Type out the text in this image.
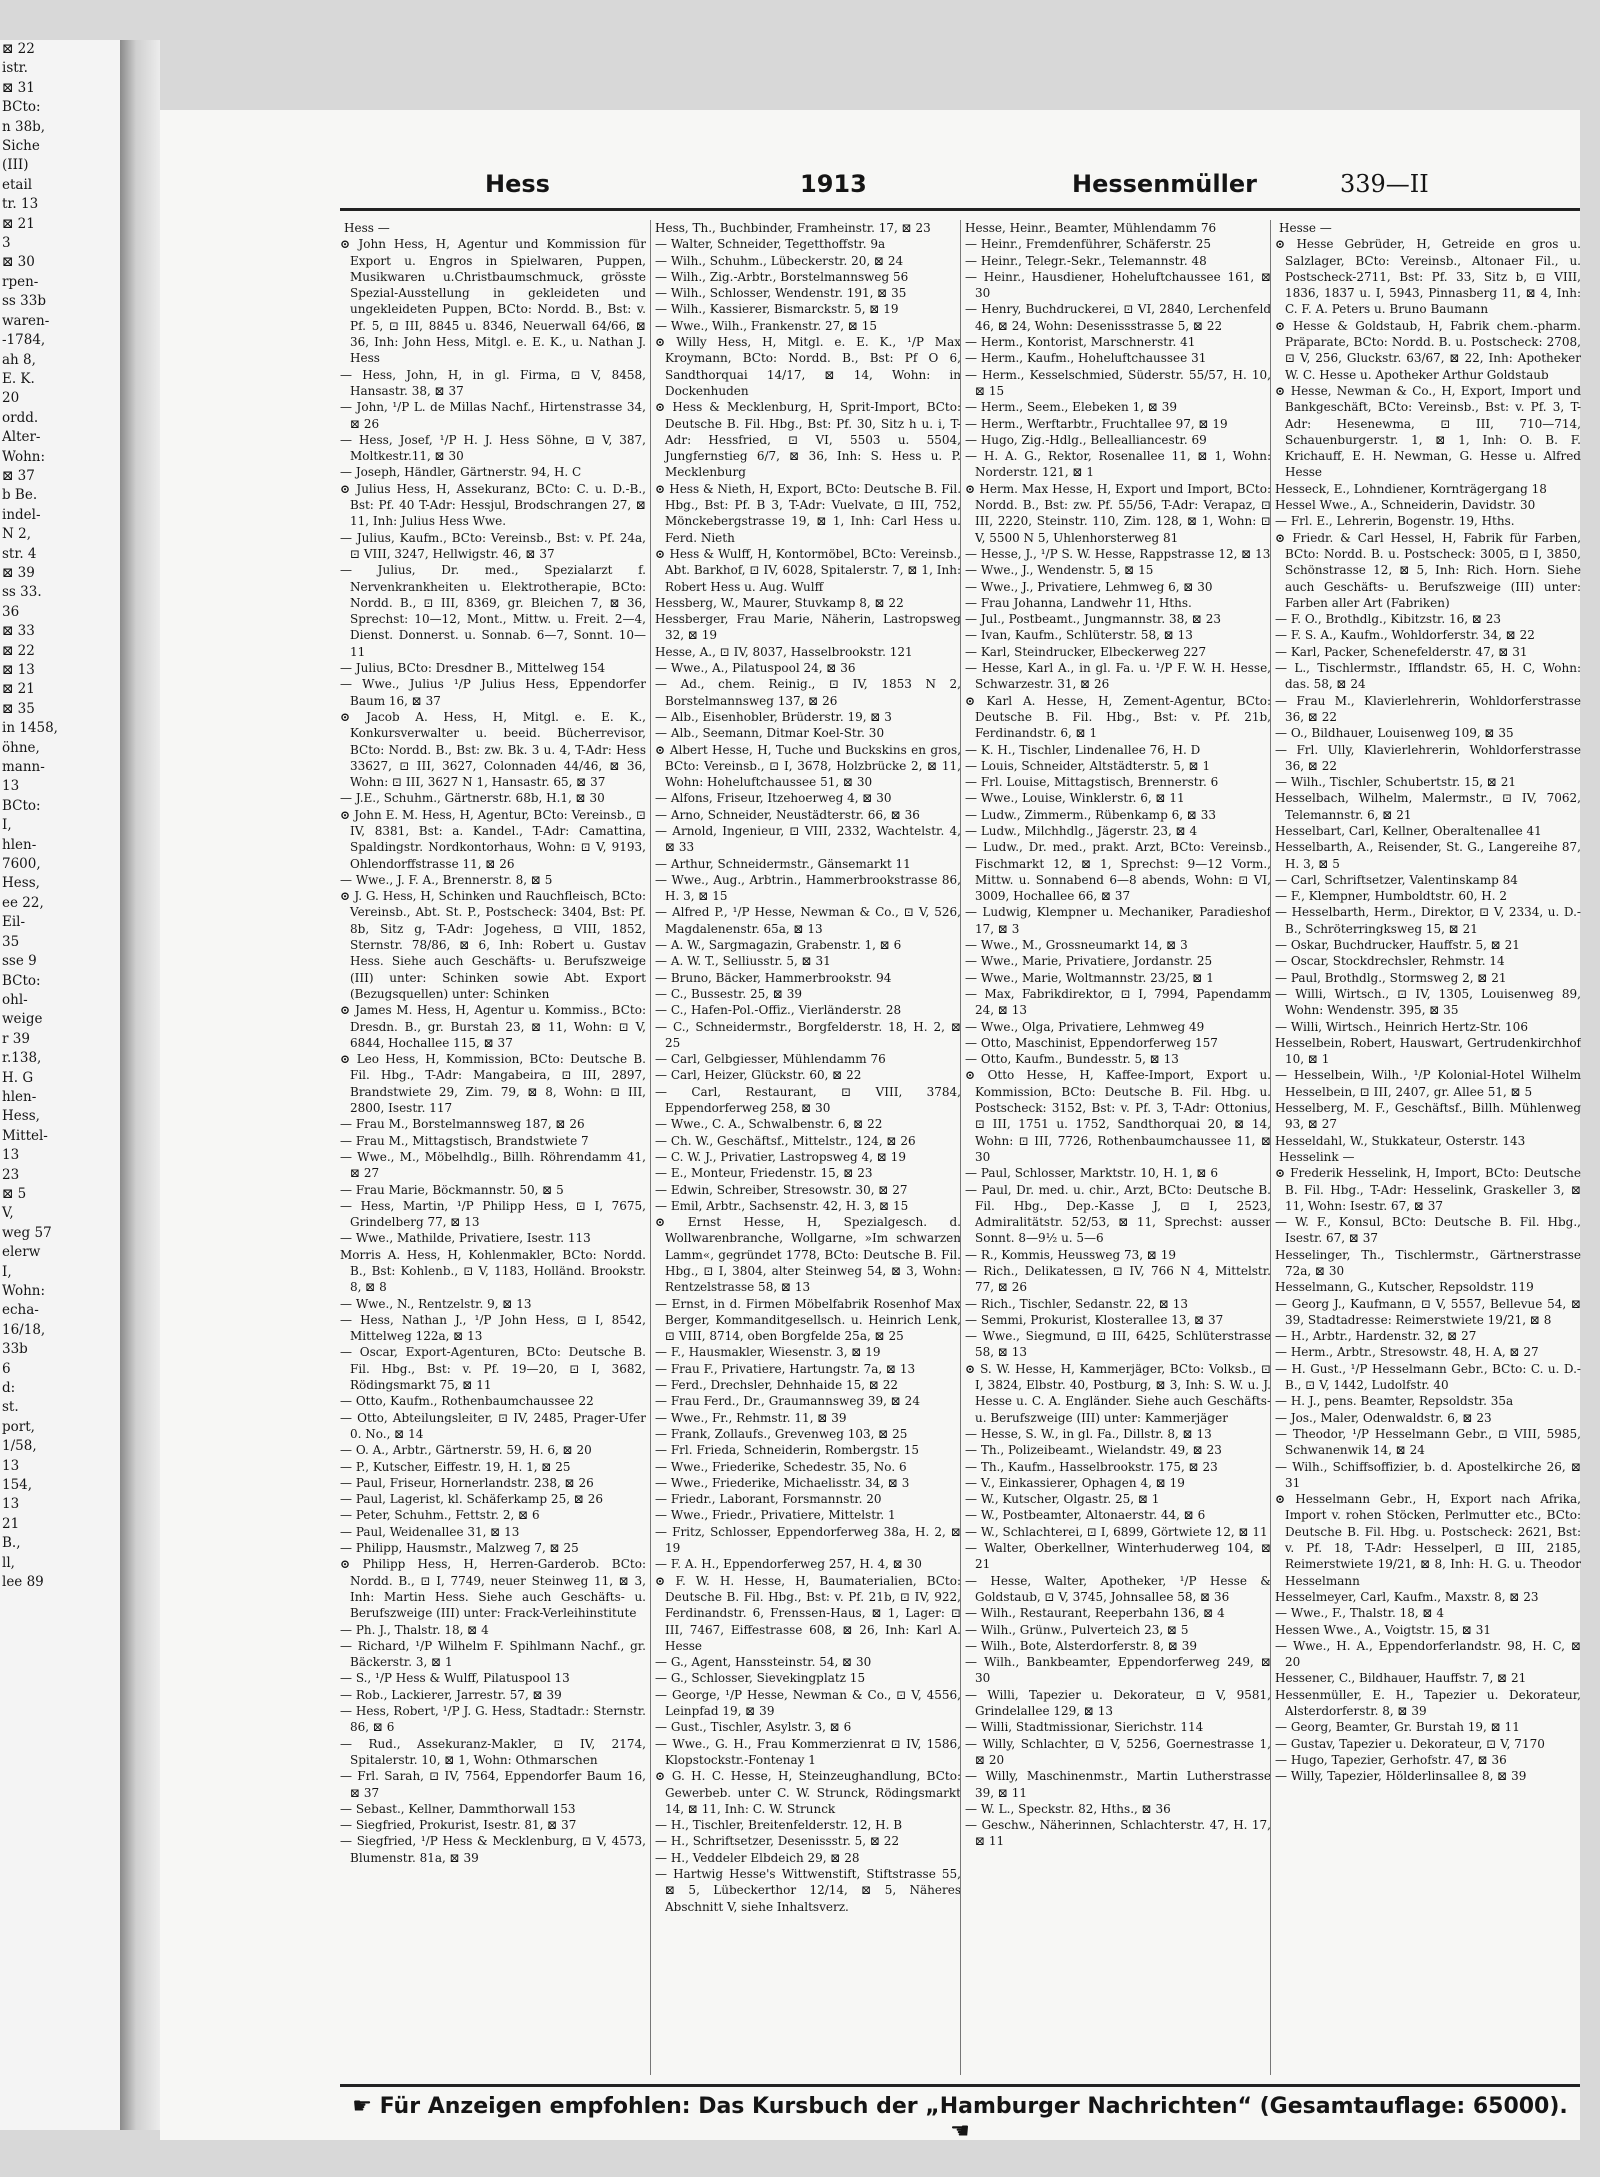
⊠ 22
istr.
⊠ 31
BCto:
n 38b,
Siche
(III)
etail
tr. 13
⊠ 21
3
⊠ 30
rpen-
ss 33b
waren-
-1784,
ah 8,
E. K.
20
ordd.
Alter-
Wohn:
⊠ 37
b Be.
indel-
N 2,
str. 4
⊠ 39
ss 33.
36
⊠ 33
⊠ 22
⊠ 13
⊠ 21
⊠ 35
in 1458,
öhne,
mann-
13
BCto:
I,
hlen-
7600,
Hess,
ee 22,
Eil-
35
sse 9
BCto:
ohl-
weige
r 39
r.138,
H. G
hlen-
Hess,
Mittel-
13
23
⊠ 5
V,
weg 57
elerw
I,
Wohn:
echa-
16/18,
33b
6
d:
st.
port,
1/58,
13
154,
13
21
B.,
ll,
lee 89
Hess	1913	Hessenmüller	339—II

Hess —

⊙ John Hess, H, Agentur und Kommission für Export u. Engros in Spielwaren, Puppen, Musikwaren u.Christbaumschmuck, grösste Spezial-Ausstellung in gekleideten und ungekleideten Puppen, BCto: Nordd. B., Bst: v. Pf. 5, ⊡ III, 8845 u. 8346, Neuerwall 64/66, ⊠ 36, Inh: John Hess, Mitgl. e. E. K., u. Nathan J. Hess

— Hess, John, H, in gl. Firma, ⊡ V, 8458, Hansastr. 38, ⊠ 37

— John, ¹/P L. de Millas Nachf., Hirtenstrasse 34, ⊠ 26

— Hess, Josef, ¹/P H. J. Hess Söhne, ⊡ V, 387, Moltkestr.11, ⊠ 30

— Joseph, Händler, Gärtnerstr. 94, H. C

⊙ Julius Hess, H, Assekuranz, BCto: C. u. D.-B., Bst: Pf. 40 T-Adr: Hessjul, Brodschrangen 27, ⊠ 11, Inh: Julius Hess Wwe.

— Julius, Kaufm., BCto: Vereinsb., Bst: v. Pf. 24a, ⊡ VIII, 3247, Hellwigstr. 46, ⊠ 37

— Julius, Dr. med., Spezialarzt f. Nervenkrankheiten u. Elektrotherapie, BCto: Nordd. B., ⊡ III, 8369, gr. Bleichen 7, ⊠ 36, Sprechst: 10—12, Mont., Mittw. u. Freit. 2—4, Dienst. Donnerst. u. Sonnab. 6—7, Sonnt. 10—11

— Julius, BCto: Dresdner B., Mittelweg 154

— Wwe., Julius ¹/P Julius Hess, Eppendorfer Baum 16, ⊠ 37

⊙ Jacob A. Hess, H, Mitgl. e. E. K., Konkursverwalter u. beeid. Bücherrevisor, BCto: Nordd. B., Bst: zw. Bk. 3 u. 4, T-Adr: Hess 33627, ⊡ III, 3627, Colonnaden 44/46, ⊠ 36, Wohn: ⊡ III, 3627 N 1, Hansastr. 65, ⊠ 37

— J.E., Schuhm., Gärtnerstr. 68b, H.1, ⊠ 30

⊙ John E. M. Hess, H, Agentur, BCto: Vereinsb., ⊡ IV, 8381, Bst: a. Kandel., T-Adr: Camattina, Spaldingstr. Nordkontorhaus, Wohn: ⊡ V, 9193, Ohlendorffstrasse 11, ⊠ 26

— Wwe., J. F. A., Brennerstr. 8, ⊠ 5

⊙ J. G. Hess, H, Schinken und Rauchfleisch, BCto: Vereinsb., Abt. St. P., Postscheck: 3404, Bst: Pf. 8b, Sitz g, T-Adr: Jogehess, ⊡ VIII, 1852, Sternstr. 78/86, ⊠ 6, Inh: Robert u. Gustav Hess. Siehe auch Geschäfts- u. Berufszweige (III) unter: Schinken sowie Abt. Export (Bezugsquellen) unter: Schinken

⊙ James M. Hess, H, Agentur u. Kommiss., BCto: Dresdn. B., gr. Burstah 23, ⊠ 11, Wohn: ⊡ V, 6844, Hochallee 115, ⊠ 37

⊙ Leo Hess, H, Kommission, BCto: Deutsche B. Fil. Hbg., T-Adr: Mangabeira, ⊡ III, 2897, Brandstwiete 29, Zim. 79, ⊠ 8, Wohn: ⊡ III, 2800, Isestr. 117

— Frau M., Borstelmannsweg 187, ⊠ 26

— Frau M., Mittagstisch, Brandstwiete 7

— Wwe., M., Möbelhdlg., Billh. Röhrendamm 41, ⊠ 27

— Frau Marie, Böckmannstr. 50, ⊠ 5

— Hess, Martin, ¹/P Philipp Hess, ⊡ I, 7675, Grindelberg 77, ⊠ 13

— Wwe., Mathilde, Privatiere, Isestr. 113

Morris A. Hess, H, Kohlenmakler, BCto: Nordd. B., Bst: Kohlenb., ⊡ V, 1183, Holländ. Brookstr. 8, ⊠ 8

— Wwe., N., Rentzelstr. 9, ⊠ 13

— Hess, Nathan J., ¹/P John Hess, ⊡ I, 8542, Mittelweg 122a, ⊠ 13

— Oscar, Export-Agenturen, BCto: Deutsche B. Fil. Hbg., Bst: v. Pf. 19—20, ⊡ I, 3682, Rödingsmarkt 75, ⊠ 11

— Otto, Kaufm., Rothenbaumchaussee 22

— Otto, Abteilungsleiter, ⊡ IV, 2485, Prager-Ufer 0. No., ⊠ 14

— O. A., Arbtr., Gärtnerstr. 59, H. 6, ⊠ 20

— P., Kutscher, Eiffestr. 19, H. 1, ⊠ 25

— Paul, Friseur, Hornerlandstr. 238, ⊠ 26

— Paul, Lagerist, kl. Schäferkamp 25, ⊠ 26

— Peter, Schuhm., Fettstr. 2, ⊠ 6

— Paul, Weidenallee 31, ⊠ 13

— Philipp, Hausmstr., Malzweg 7, ⊠ 25

⊙ Philipp Hess, H, Herren-Garderob. BCto: Nordd. B., ⊡ I, 7749, neuer Steinweg 11, ⊠ 3, Inh: Martin Hess. Siehe auch Geschäfts- u. Berufszweige (III) unter: Frack-Verleihinstitute

— Ph. J., Thalstr. 18, ⊠ 4

— Richard, ¹/P Wilhelm F. Spihlmann Nachf., gr. Bäckerstr. 3, ⊠ 1

— S., ¹/P Hess & Wulff, Pilatuspool 13

— Rob., Lackierer, Jarrestr. 57, ⊠ 39

— Hess, Robert, ¹/P J. G. Hess, Stadtadr.: Sternstr. 86, ⊠ 6

— Rud., Assekuranz-Makler, ⊡ IV, 2174, Spitalerstr. 10, ⊠ 1, Wohn: Othmarschen

— Frl. Sarah, ⊡ IV, 7564, Eppendorfer Baum 16, ⊠ 37

— Sebast., Kellner, Dammthorwall 153

— Siegfried, Prokurist, Isestr. 81, ⊠ 37

— Siegfried, ¹/P Hess & Mecklenburg, ⊡ V, 4573, Blumenstr. 81a, ⊠ 39

Hess, Th., Buchbinder, Framheinstr. 17, ⊠ 23

— Walter, Schneider, Tegetthoffstr. 9a

— Wilh., Schuhm., Lübeckerstr. 20, ⊠ 24

— Wilh., Zig.-Arbtr., Borstelmannsweg 56

— Wilh., Schlosser, Wendenstr. 191, ⊠ 35

— Wilh., Kassierer, Bismarckstr. 5, ⊠ 19

— Wwe., Wilh., Frankenstr. 27, ⊠ 15

⊙ Willy Hess, H, Mitgl. e. E. K., ¹/P Max Kroymann, BCto: Nordd. B., Bst: Pf O 6, Sandthorquai 14/17, ⊠ 14, Wohn: in Dockenhuden

⊙ Hess & Mecklenburg, H, Sprit-Import, BCto: Deutsche B. Fil. Hbg., Bst: Pf. 30, Sitz h u. i, T-Adr: Hessfried, ⊡ VI, 5503 u. 5504, Jungfernstieg 6/7, ⊠ 36, Inh: S. Hess u. P. Mecklenburg

⊙ Hess & Nieth, H, Export, BCto: Deutsche B. Fil. Hbg., Bst: Pf. B 3, T-Adr: Vuelvate, ⊡ III, 752, Mönckebergstrasse 19, ⊠ 1, Inh: Carl Hess u. Ferd. Nieth

⊙ Hess & Wulff, H, Kontormöbel, BCto: Vereinsb., Abt. Barkhof, ⊡ IV, 6028, Spitalerstr. 7, ⊠ 1, Inh: Robert Hess u. Aug. Wulff

Hessberg, W., Maurer, Stuvkamp 8, ⊠ 22

Hessberger, Frau Marie, Näherin, Lastropsweg 32, ⊠ 19

Hesse, A., ⊡ IV, 8037, Hasselbrookstr. 121

— Wwe., A., Pilatuspool 24, ⊠ 36

— Ad., chem. Reinig., ⊡ IV, 1853 N 2, Borstelmannsweg 137, ⊠ 26

— Alb., Eisenhobler, Brüderstr. 19, ⊠ 3

— Alb., Seemann, Ditmar Koel-Str. 30

⊙ Albert Hesse, H, Tuche und Buckskins en gros, BCto: Vereinsb., ⊡ I, 3678, Holzbrücke 2, ⊠ 11, Wohn: Hoheluftchaussee 51, ⊠ 30

— Alfons, Friseur, Itzehoerweg 4, ⊠ 30

— Arno, Schneider, Neustädterstr. 66, ⊠ 36

— Arnold, Ingenieur, ⊡ VIII, 2332, Wachtelstr. 4, ⊠ 33

— Arthur, Schneidermstr., Gänsemarkt 11

— Wwe., Aug., Arbtrin., Hammerbrookstrasse 86, H. 3, ⊠ 15

— Alfred P., ¹/P Hesse, Newman & Co., ⊡ V, 526, Magdalenenstr. 65a, ⊠ 13

— A. W., Sargmagazin, Grabenstr. 1, ⊠ 6

— A. W. T., Selliusstr. 5, ⊠ 31

— Bruno, Bäcker, Hammerbrookstr. 94

— C., Bussestr. 25, ⊠ 39

— C., Hafen-Pol.-Offiz., Vierländerstr. 28

— C., Schneidermstr., Borgfelderstr. 18, H. 2, ⊠ 25

— Carl, Gelbgiesser, Mühlendamm 76

— Carl, Heizer, Glückstr. 60, ⊠ 22

— Carl, Restaurant, ⊡ VIII, 3784, Eppendorferweg 258, ⊠ 30

— Wwe., C. A., Schwalbenstr. 6, ⊠ 22

— Ch. W., Geschäftsf., Mittelstr., 124, ⊠ 26

— C. W. J., Privatier, Lastropsweg 4, ⊠ 19

— E., Monteur, Friedenstr. 15, ⊠ 23

— Edwin, Schreiber, Stresowstr. 30, ⊠ 27

— Emil, Arbtr., Sachsenstr. 42, H. 3, ⊠ 15

⊙ Ernst Hesse, H, Spezialgesch. d. Wollwarenbranche, Wollgarne, »Im schwarzen Lamm«, gegründet 1778, BCto: Deutsche B. Fil. Hbg., ⊡ I, 3804, alter Steinweg 54, ⊠ 3, Wohn: Rentzelstrasse 58, ⊠ 13

— Ernst, in d. Firmen Möbelfabrik Rosenhof Max Berger, Kommanditgesellsch. u. Heinrich Lenk, ⊡ VIII, 8714, oben Borgfelde 25a, ⊠ 25

— F., Hausmakler, Wiesenstr. 3, ⊠ 19

— Frau F., Privatiere, Hartungstr. 7a, ⊠ 13

— Ferd., Drechsler, Dehnhaide 15, ⊠ 22

— Frau Ferd., Dr., Graumannsweg 39, ⊠ 24

— Wwe., Fr., Rehmstr. 11, ⊠ 39

— Frank, Zollaufs., Grevenweg 103, ⊠ 25

— Frl. Frieda, Schneiderin, Rombergstr. 15

— Wwe., Friederike, Schedestr. 35, No. 6

— Wwe., Friederike, Michaelisstr. 34, ⊠ 3

— Friedr., Laborant, Forsmannstr. 20

— Wwe., Friedr., Privatiere, Mittelstr. 1

— Fritz, Schlosser, Eppendorferweg 38a, H. 2, ⊠ 19

— F. A. H., Eppendorferweg 257, H. 4, ⊠ 30

⊙ F. W. H. Hesse, H, Baumaterialien, BCto: Deutsche B. Fil. Hbg., Bst: v. Pf. 21b, ⊡ IV, 922, Ferdinandstr. 6, Frenssen-Haus, ⊠ 1, Lager: ⊡ III, 7467, Eiffestrasse 608, ⊠ 26, Inh: Karl A. Hesse

— G., Agent, Hanssteinstr. 54, ⊠ 30

— G., Schlosser, Sievekingplatz 15

— George, ¹/P Hesse, Newman & Co., ⊡ V, 4556, Leinpfad 19, ⊠ 39

— Gust., Tischler, Asylstr. 3, ⊠ 6

— Wwe., G. H., Frau Kommerzienrat ⊡ IV, 1586, Klopstockstr.-Fontenay 1

⊙ G. H. C. Hesse, H, Steinzeughandlung, BCto: Gewerbeb. unter C. W. Strunck, Rödingsmarkt 14, ⊠ 11, Inh: C. W. Strunck

— H., Tischler, Breitenfelderstr. 12, H. B

— H., Schriftsetzer, Desenissstr. 5, ⊠ 22

— H., Veddeler Elbdeich 29, ⊠ 28

— Hartwig Hesse's Wittwenstift, Stiftstrasse 55, ⊠ 5, Lübeckerthor 12/14, ⊠ 5, Näheres Abschnitt V, siehe Inhaltsverz.

Hesse, Heinr., Beamter, Mühlendamm 76

— Heinr., Fremdenführer, Schäferstr. 25

— Heinr., Telegr.-Sekr., Telemannstr. 48

— Heinr., Hausdiener, Hoheluftchaussee 161, ⊠ 30

— Henry, Buchdruckerei, ⊡ VI, 2840, Lerchenfeld 46, ⊠ 24, Wohn: Desenissstrasse 5, ⊠ 22

— Herm., Kontorist, Marschnerstr. 41

— Herm., Kaufm., Hoheluftchaussee 31

— Herm., Kesselschmied, Süderstr. 55/57, H. 10, ⊠ 15

— Herm., Seem., Elebeken 1, ⊠ 39

— Herm., Werftarbtr., Fruchtallee 97, ⊠ 19

— Hugo, Zig.-Hdlg., Bellealliancestr. 69

— H. A. G., Rektor, Rosenallee 11, ⊠ 1, Wohn: Norderstr. 121, ⊠ 1

⊙ Herm. Max Hesse, H, Export und Import, BCto: Nordd. B., Bst: zw. Pf. 55/56, T-Adr: Verapaz, ⊡ III, 2220, Steinstr. 110, Zim. 128, ⊠ 1, Wohn: ⊡ V, 5500 N 5, Uhlenhorsterweg 81

— Hesse, J., ¹/P S. W. Hesse, Rappstrasse 12, ⊠ 13

— Wwe., J., Wendenstr. 5, ⊠ 15

— Wwe., J., Privatiere, Lehmweg 6, ⊠ 30

— Frau Johanna, Landwehr 11, Hths.

— Jul., Postbeamt., Jungmannstr. 38, ⊠ 23

— Ivan, Kaufm., Schlüterstr. 58, ⊠ 13

— Karl, Steindrucker, Elbeckerweg 227

— Hesse, Karl A., in gl. Fa. u. ¹/P F. W. H. Hesse, Schwarzestr. 31, ⊠ 26

⊙ Karl A. Hesse, H, Zement-Agentur, BCto: Deutsche B. Fil. Hbg., Bst: v. Pf. 21b, Ferdinandstr. 6, ⊠ 1

— K. H., Tischler, Lindenallee 76, H. D

— Louis, Schneider, Altstädterstr. 5, ⊠ 1

— Frl. Louise, Mittagstisch, Brennerstr. 6

— Wwe., Louise, Winklerstr. 6, ⊠ 11

— Ludw., Zimmerm., Rübenkamp 6, ⊠ 33

— Ludw., Milchhdlg., Jägerstr. 23, ⊠ 4

— Ludw., Dr. med., prakt. Arzt, BCto: Vereinsb., Fischmarkt 12, ⊠ 1, Sprechst: 9—12 Vorm., Mittw. u. Sonnabend 6—8 abends, Wohn: ⊡ VI, 3009, Hochallee 66, ⊠ 37

— Ludwig, Klempner u. Mechaniker, Paradieshof 17, ⊠ 3

— Wwe., M., Grossneumarkt 14, ⊠ 3

— Wwe., Marie, Privatiere, Jordanstr. 25

— Wwe., Marie, Woltmannstr. 23/25, ⊠ 1

— Max, Fabrikdirektor, ⊡ I, 7994, Papendamm 24, ⊠ 13

— Wwe., Olga, Privatiere, Lehmweg 49

— Otto, Maschinist, Eppendorferweg 157

— Otto, Kaufm., Bundesstr. 5, ⊠ 13

⊙ Otto Hesse, H, Kaffee-Import, Export u. Kommission, BCto: Deutsche B. Fil. Hbg. u. Postscheck: 3152, Bst: v. Pf. 3, T-Adr: Ottonius, ⊡ III, 1751 u. 1752, Sandthorquai 20, ⊠ 14, Wohn: ⊡ III, 7726, Rothenbaumchaussee 11, ⊠ 30

— Paul, Schlosser, Marktstr. 10, H. 1, ⊠ 6

— Paul, Dr. med. u. chir., Arzt, BCto: Deutsche B. Fil. Hbg., Dep.-Kasse J, ⊡ I, 2523, Admiralitätstr. 52/53, ⊠ 11, Sprechst: ausser Sonnt. 8—9½ u. 5—6

— R., Kommis, Heussweg 73, ⊠ 19

— Rich., Delikatessen, ⊡ IV, 766 N 4, Mittelstr. 77, ⊠ 26

— Rich., Tischler, Sedanstr. 22, ⊠ 13

— Semmi, Prokurist, Klosterallee 13, ⊠ 37

— Wwe., Siegmund, ⊡ III, 6425, Schlüterstrasse 58, ⊠ 13

⊙ S. W. Hesse, H, Kammerjäger, BCto: Volksb., ⊡ I, 3824, Elbstr. 40, Postburg, ⊠ 3, Inh: S. W. u. J. Hesse u. C. A. Engländer. Siehe auch Geschäfts- u. Berufszweige (III) unter: Kammerjäger

— Hesse, S. W., in gl. Fa., Dillstr. 8, ⊠ 13

— Th., Polizeibeamt., Wielandstr. 49, ⊠ 23

— Th., Kaufm., Hasselbrookstr. 175, ⊠ 23

— V., Einkassierer, Ophagen 4, ⊠ 19

— W., Kutscher, Olgastr. 25, ⊠ 1

— W., Postbeamter, Altonaerstr. 44, ⊠ 6

— W., Schlachterei, ⊡ I, 6899, Görtwiete 12, ⊠ 11

— Walter, Oberkellner, Winterhuderweg 104, ⊠ 21

— Hesse, Walter, Apotheker, ¹/P Hesse & Goldstaub, ⊡ V, 3745, Johnsallee 58, ⊠ 36

— Wilh., Restaurant, Reeperbahn 136, ⊠ 4

— Wilh., Grünw., Pulverteich 23, ⊠ 5

— Wilh., Bote, Alsterdorferstr. 8, ⊠ 39

— Wilh., Bankbeamter, Eppendorferweg 249, ⊠ 30

— Willi, Tapezier u. Dekorateur, ⊡ V, 9581, Grindelallee 129, ⊠ 13

— Willi, Stadtmissionar, Sierichstr. 114

— Willy, Schlachter, ⊡ V, 5256, Goernestrasse 1, ⊠ 20

— Willy, Maschinenmstr., Martin Lutherstrasse 39, ⊠ 11

— W. L., Speckstr. 82, Hths., ⊠ 36

— Geschw., Näherinnen, Schlachterstr. 47, H. 17, ⊠ 11

Hesse —

⊙ Hesse Gebrüder, H, Getreide en gros u. Salzlager, BCto: Vereinsb., Altonaer Fil., u. Postscheck-2711, Bst: Pf. 33, Sitz b, ⊡ VIII, 1836, 1837 u. I, 5943, Pinnasberg 11, ⊠ 4, Inh: C. F. A. Peters u. Bruno Baumann

⊙ Hesse & Goldstaub, H, Fabrik chem.-pharm. Präparate, BCto: Nordd. B. u. Postscheck: 2708, ⊡ V, 256, Gluckstr. 63/67, ⊠ 22, Inh: Apotheker W. C. Hesse u. Apotheker Arthur Goldstaub

⊙ Hesse, Newman & Co., H, Export, Import und Bankgeschäft, BCto: Vereinsb., Bst: v. Pf. 3, T-Adr: Hesenewma, ⊡ III, 710—714, Schauenburgerstr. 1, ⊠ 1, Inh: O. B. F. Krichauff, E. H. Newman, G. Hesse u. Alfred Hesse

Hesseck, E., Lohndiener, Kornträgergang 18

Hessel Wwe., A., Schneiderin, Davidstr. 30

— Frl. E., Lehrerin, Bogenstr. 19, Hths.

⊙ Friedr. & Carl Hessel, H, Fabrik für Farben, BCto: Nordd. B. u. Postscheck: 3005, ⊡ I, 3850, Schönstrasse 12, ⊠ 5, Inh: Rich. Horn. Siehe auch Geschäfts- u. Berufszweige (III) unter: Farben aller Art (Fabriken)

— F. O., Brothdlg., Kibitzstr. 16, ⊠ 23

— F. S. A., Kaufm., Wohldorferstr. 34, ⊠ 22

— Karl, Packer, Schenefelderstr. 47, ⊠ 31

— L., Tischlermstr., Ifflandstr. 65, H. C, Wohn: das. 58, ⊠ 24

— Frau M., Klavierlehrerin, Wohldorferstrasse 36, ⊠ 22

— O., Bildhauer, Louisenweg 109, ⊠ 35

— Frl. Ully, Klavierlehrerin, Wohldorferstrasse 36, ⊠ 22

— Wilh., Tischler, Schubertstr. 15, ⊠ 21

Hesselbach, Wilhelm, Malermstr., ⊡ IV, 7062, Telemannstr. 6, ⊠ 21

Hesselbart, Carl, Kellner, Oberaltenallee 41

Hesselbarth, A., Reisender, St. G., Langereihe 87, H. 3, ⊠ 5

— Carl, Schriftsetzer, Valentinskamp 84

— F., Klempner, Humboldtstr. 60, H. 2

— Hesselbarth, Herm., Direktor, ⊡ V, 2334, u. D.-B., Schröterringksweg 15, ⊠ 21

— Oskar, Buchdrucker, Hauffstr. 5, ⊠ 21

— Oscar, Stockdrechsler, Rehmstr. 14

— Paul, Brothdlg., Stormsweg 2, ⊠ 21

— Willi, Wirtsch., ⊡ IV, 1305, Louisenweg 89, Wohn: Wendenstr. 395, ⊠ 35

— Willi, Wirtsch., Heinrich Hertz-Str. 106

Hesselbein, Robert, Hauswart, Gertrudenkirchhof 10, ⊠ 1

— Hesselbein, Wilh., ¹/P Kolonial-Hotel Wilhelm Hesselbein, ⊡ III, 2407, gr. Allee 51, ⊠ 5

Hesselberg, M. F., Geschäftsf., Billh. Mühlenweg 93, ⊠ 27

Hesseldahl, W., Stukkateur, Osterstr. 143

Hesselink —

⊙ Frederik Hesselink, H, Import, BCto: Deutsche B. Fil. Hbg., T-Adr: Hesselink, Graskeller 3, ⊠ 11, Wohn: Isestr. 67, ⊠ 37

— W. F., Konsul, BCto: Deutsche B. Fil. Hbg., Isestr. 67, ⊠ 37

Hesselinger, Th., Tischlermstr., Gärtnerstrasse 72a, ⊠ 30

Hesselmann, G., Kutscher, Repsoldstr. 119

— Georg J., Kaufmann, ⊡ V, 5557, Bellevue 54, ⊠ 39, Stadtadresse: Reimerstwiete 19/21, ⊠ 8

— H., Arbtr., Hardenstr. 32, ⊠ 27

— Herm., Arbtr., Stresowstr. 48, H. A, ⊠ 27

— H. Gust., ¹/P Hesselmann Gebr., BCto: C. u. D.-B., ⊡ V, 1442, Ludolfstr. 40

— H. J., pens. Beamter, Repsoldstr. 35a

— Jos., Maler, Odenwaldstr. 6, ⊠ 23

— Theodor, ¹/P Hesselmann Gebr., ⊡ VIII, 5985, Schwanenwik 14, ⊠ 24

— Wilh., Schiffsoffizier, b. d. Apostelkirche 26, ⊠ 31

⊙ Hesselmann Gebr., H, Export nach Afrika, Import v. rohen Stöcken, Perlmutter etc., BCto: Deutsche B. Fil. Hbg. u. Postscheck: 2621, Bst: v. Pf. 18, T-Adr: Hesselperl, ⊡ III, 2185, Reimerstwiete 19/21, ⊠ 8, Inh: H. G. u. Theodor Hesselmann

Hesselmeyer, Carl, Kaufm., Maxstr. 8, ⊠ 23

— Wwe., F., Thalstr. 18, ⊠ 4

Hessen Wwe., A., Voigtstr. 15, ⊠ 31

— Wwe., H. A., Eppendorferlandstr. 98, H. C, ⊠ 20

Hessener, C., Bildhauer, Hauffstr. 7, ⊠ 21

Hessenmüller, E. H., Tapezier u. Dekorateur, Alsterdorferstr. 8, ⊠ 39

— Georg, Beamter, Gr. Burstah 19, ⊠ 11

— Gustav, Tapezier u. Dekorateur, ⊡ V, 7170

— Hugo, Tapezier, Gerhofstr. 47, ⊠ 36

— Willy, Tapezier, Hölderlinsallee 8, ⊠ 39

☛ Für Anzeigen empfohlen: Das Kursbuch der „Hamburger Nachrichten“ (Gesamtauflage: 65000). ☚
